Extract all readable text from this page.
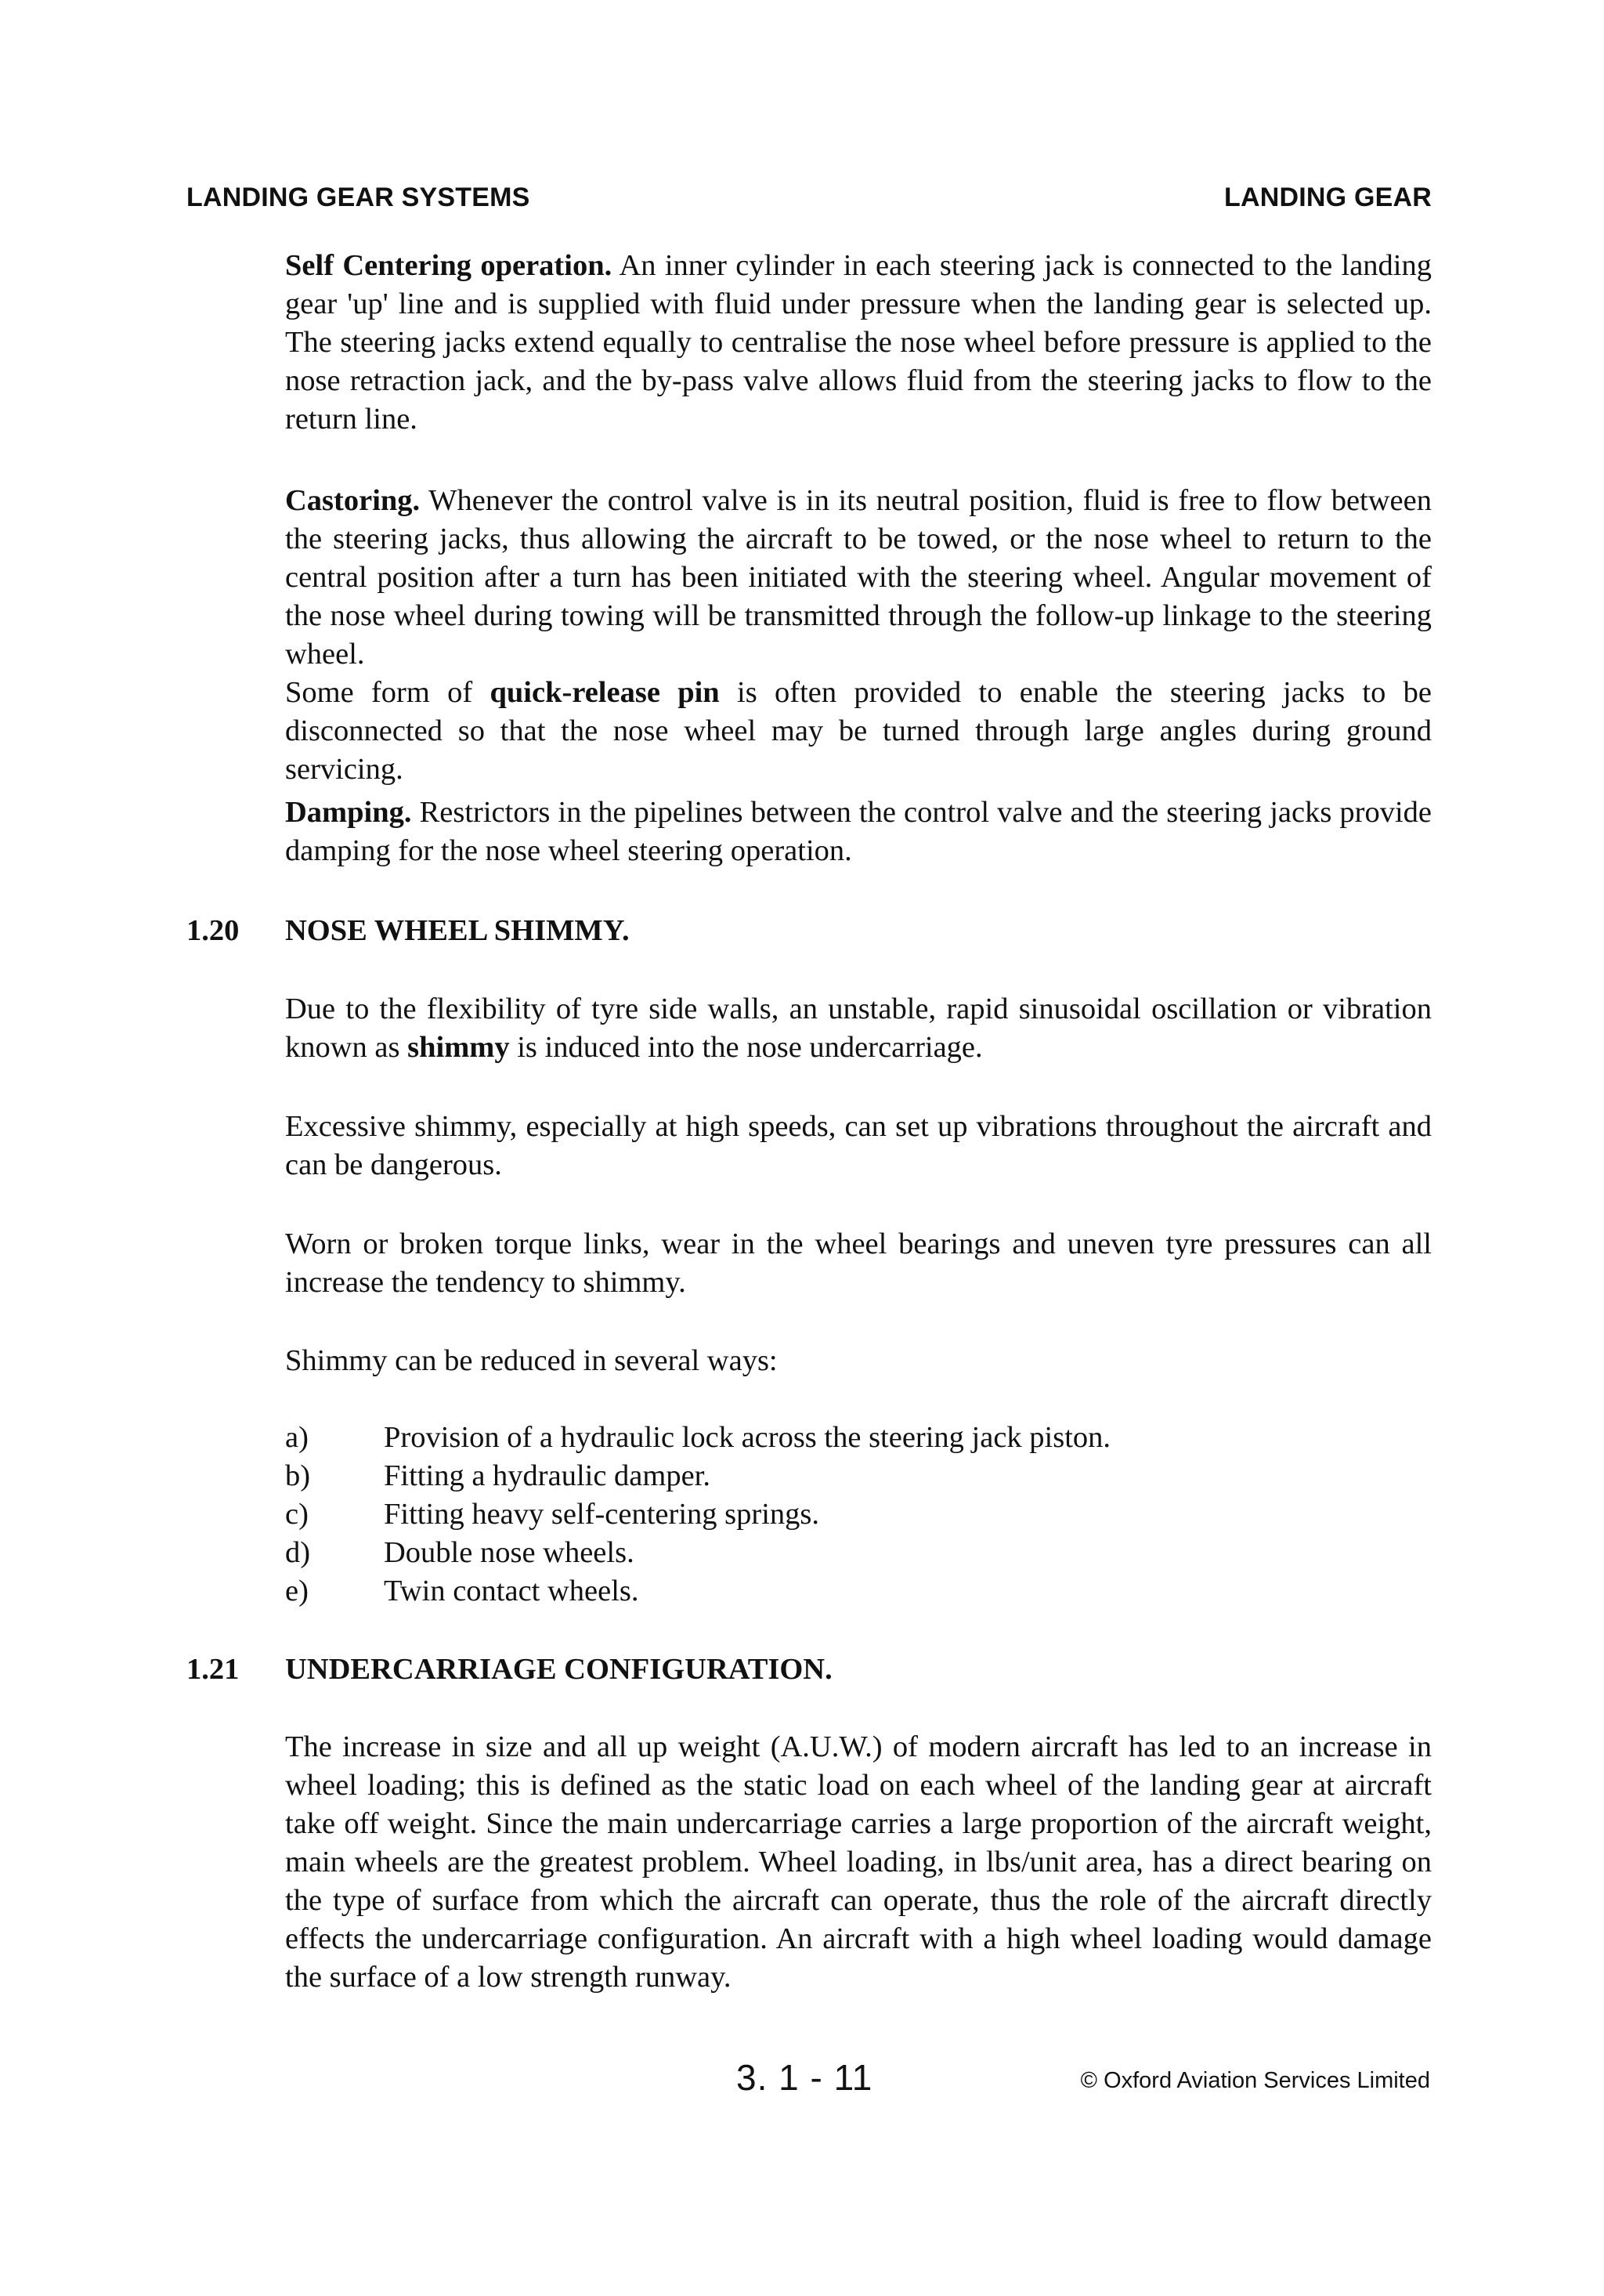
LANDING GEAR SYSTEMS	LANDING GEAR

Self Centering operation. An inner cylinder in each steering jack is connected to the landing gear 'up' line and is supplied with fluid under pressure when the landing gear is selected up. The steering jacks extend equally to centralise the nose wheel before pressure is applied to the nose retraction jack, and the by-pass valve allows fluid from the steering jacks to flow to the return line.

Castoring. Whenever the control valve is in its neutral position, fluid is free to flow between the steering jacks, thus allowing the aircraft to be towed, or the nose wheel to return to the central position after a turn has been initiated with the steering wheel. Angular movement of the nose wheel during towing will be transmitted through the follow-up linkage to the steering wheel.

Some form of quick-release pin is often provided to enable the steering jacks to be disconnected so that the nose wheel may be turned through large angles during ground servicing.

Damping. Restrictors in the pipelines between the control valve and the steering jacks provide damping for the nose wheel steering operation.

1.20 NOSE WHEEL SHIMMY.

Due to the flexibility of tyre side walls, an unstable, rapid sinusoidal oscillation or vibration known as shimmy is induced into the nose undercarriage.

Excessive shimmy, especially at high speeds, can set up vibrations throughout the aircraft and can be dangerous.

Worn or broken torque links, wear in the wheel bearings and uneven tyre pressures can all increase the tendency to shimmy.

Shimmy can be reduced in several ways:

a)	Provision of a hydraulic lock across the steering jack piston.
b)	Fitting a hydraulic damper.
c)	Fitting heavy self-centering springs.
d)	Double nose wheels.
e)	Twin contact wheels.
1.21 UNDERCARRIAGE CONFIGURATION.

The increase in size and all up weight (A.U.W.) of modern aircraft has led to an increase in wheel loading; this is defined as the static load on each wheel of the landing gear at aircraft take off weight. Since the main undercarriage carries a large proportion of the aircraft weight, main wheels are the greatest problem. Wheel loading, in lbs/unit area, has a direct bearing on the type of surface from which the aircraft can operate, thus the role of the aircraft directly effects the undercarriage configuration. An aircraft with a high wheel loading would damage the surface of a low strength runway.

3. 1 - 11	© Oxford Aviation Services Limited
